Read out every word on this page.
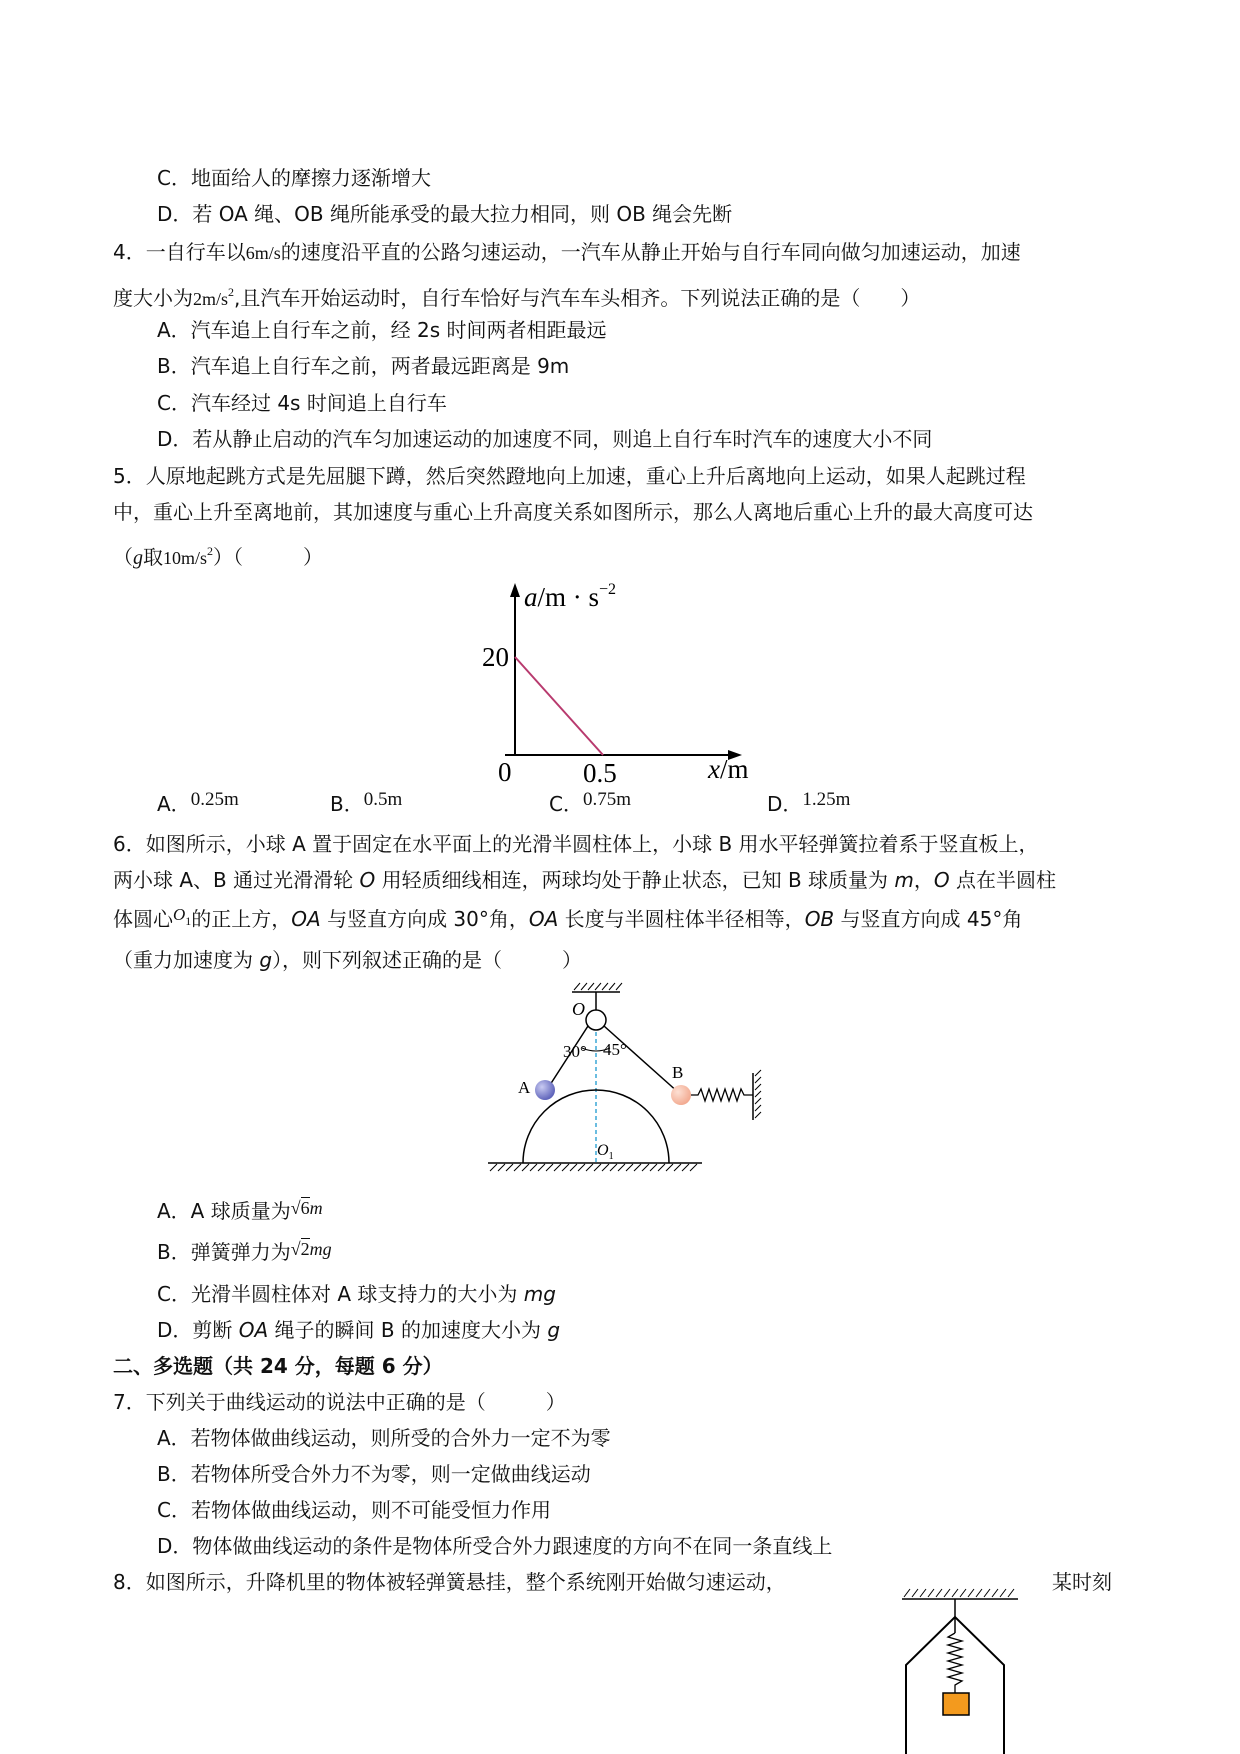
C．地面给人的摩擦力逐渐增大
D．若 OA 绳、OB 绳所能承受的最大拉力相同，则 OB 绳会先断
4．一自行车以6m/s的速度沿平直的公路匀速运动，一汽车从静止开始与自行车同向做匀加速运动，加速
度大小为$2m/s^2$,且汽车开始运动时，自行车恰好与汽车车头相齐。下列说法正确的是（　　）
A．汽车追上自行车之前，经 2s 时间两者相距最远
B．汽车追上自行车之前，两者最远距离是 9m
C．汽车经过 4s 时间追上自行车
D．若从静止启动的汽车匀加速运动的加速度不同，则追上自行车时汽车的速度大小不同
5．人原地起跳方式是先屈腿下蹲，然后突然蹬地向上加速，重心上升后离地向上运动，如果人起跳过程
中，重心上升至离地前，其加速度与重心上升高度关系如图所示，那么人离地后重心上升的最大高度可达
（g取$10m/s^2$）（　　　）
$a/m \cdot s^{-2}$
20
0	0.5	x/m
A．0.25m	B．0.5m	C．0.75m	D．1.25m
6．如图所示，小球 A 置于固定在水平面上的光滑半圆柱体上，小球 B 用水平轻弹簧拉着系于竖直板上，
两小球 A、B 通过光滑滑轮 O 用轻质细线相连，两球均处于静止状态，已知 B 球质量为 m，O 点在半圆柱
体圆心$^O_1$的正上方，OA 与竖直方向成 30°角，OA 长度与半圆柱体半径相等，OB 与竖直方向成 45°角
（重力加速度为 g），则下列叙述正确的是（　　　）
O
30° 45°
$O_1$
A
B
A．A 球质量为√6m
B．弹簧弹力为√2mg
C．光滑半圆柱体对 A 球支持力的大小为 mg
D．剪断 OA 绳子的瞬间 B 的加速度大小为 g
二、多选题（共 24 分，每题 6 分）
7．下列关于曲线运动的说法中正确的是（　　　）
A．若物体做曲线运动，则所受的合外力一定不为零
B．若物体所受合外力不为零，则一定做曲线运动
C．若物体做曲线运动，则不可能受恒力作用
D．物体做曲线运动的条件是物体所受合外力跟速度的方向不在同一条直线上
8．如图所示，升降机里的物体被轻弹簧悬挂，整个系统刚开始做匀速运动，	某时刻
